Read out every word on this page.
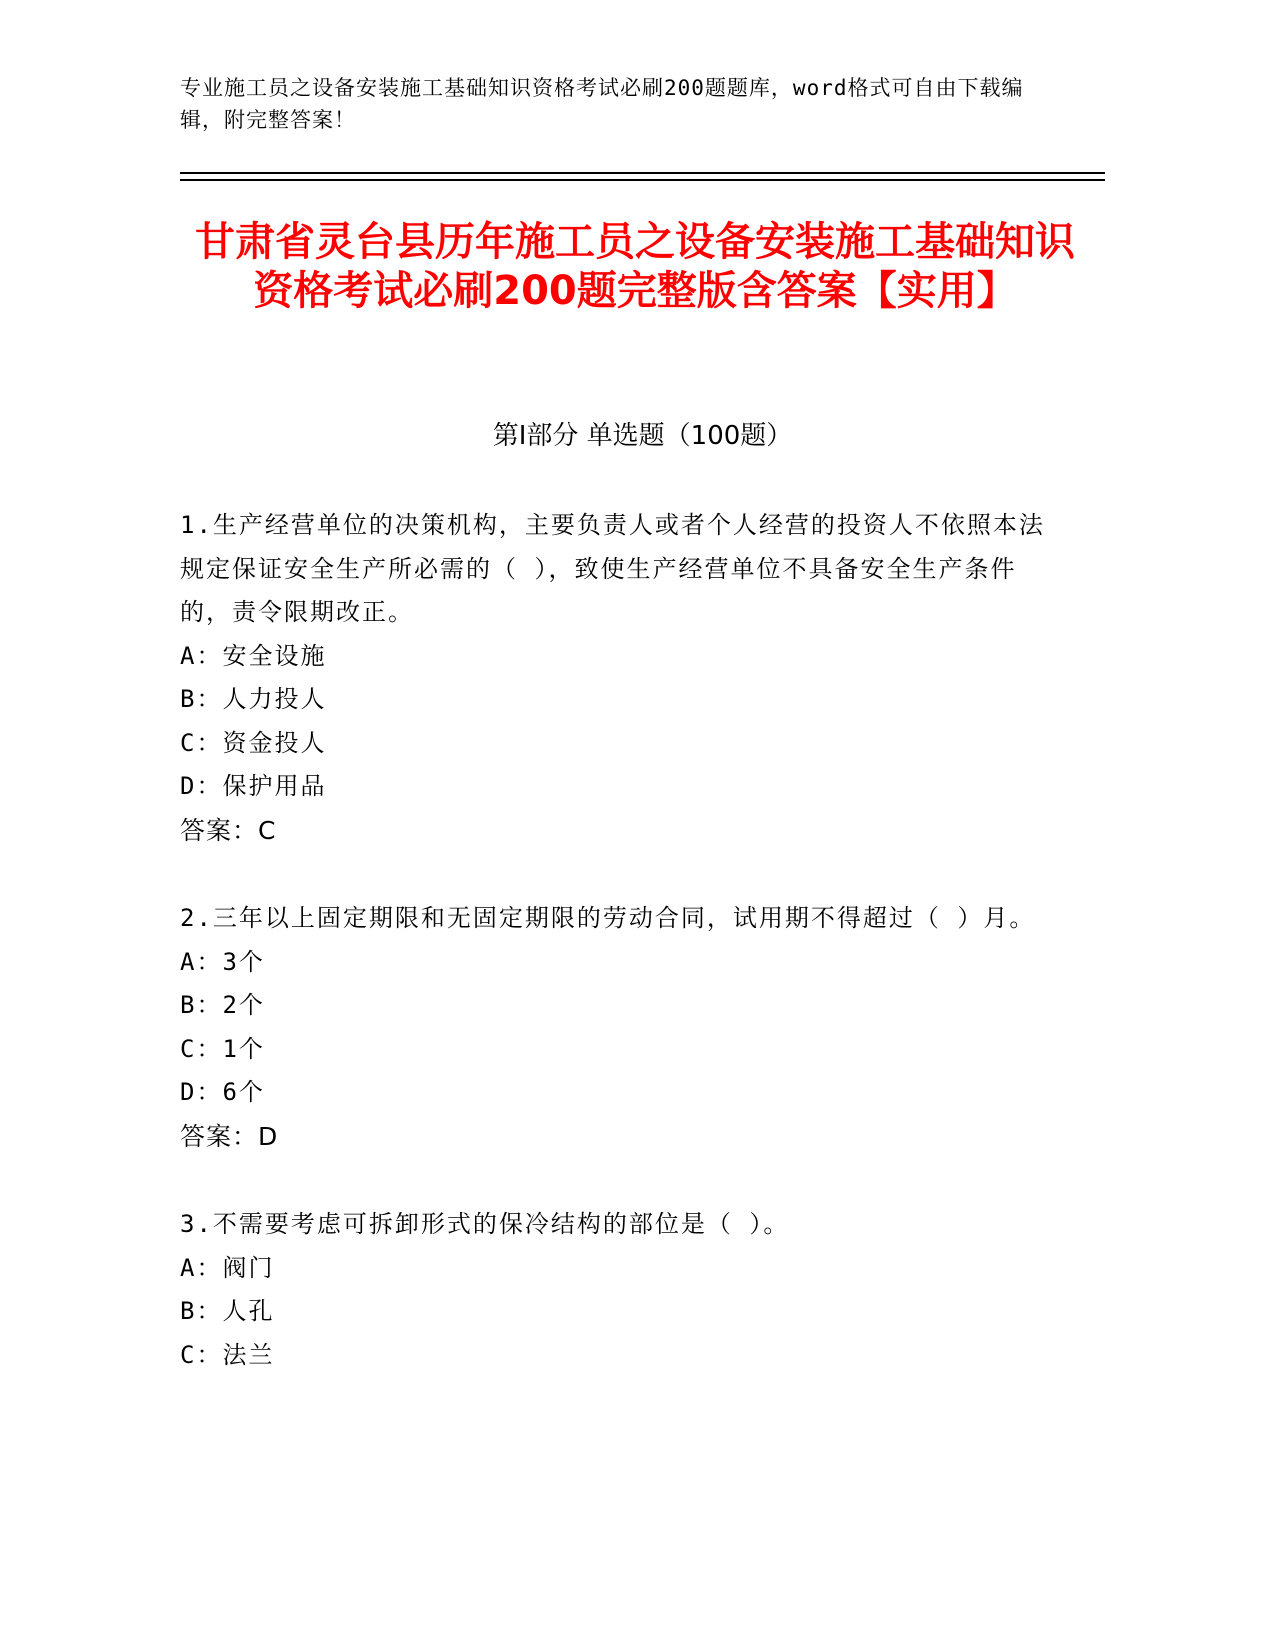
专业施工员之设备安装施工基础知识资格考试必刷200题题库，word格式可自由下载编辑，附完整答案！
甘肃省灵台县历年施工员之设备安装施工基础知识资格考试必刷200题完整版含答案【实用】
第Ⅰ部分 单选题（100题）
1.生产经营单位的决策机构，主要负责人或者个人经营的投资人不依照本法规定保证安全生产所必需的（ ），致使生产经营单位不具备安全生产条件的，责令限期改正。
A：安全设施
B：人力投人
C：资金投人
D：保护用品
答案：C
2.三年以上固定期限和无固定期限的劳动合同，试用期不得超过（ ）月。
A：3个
B：2个
C：1个
D：6个
答案：D
3.不需要考虑可拆卸形式的保冷结构的部位是（ ）。
A：阀门
B：人孔
C：法兰
